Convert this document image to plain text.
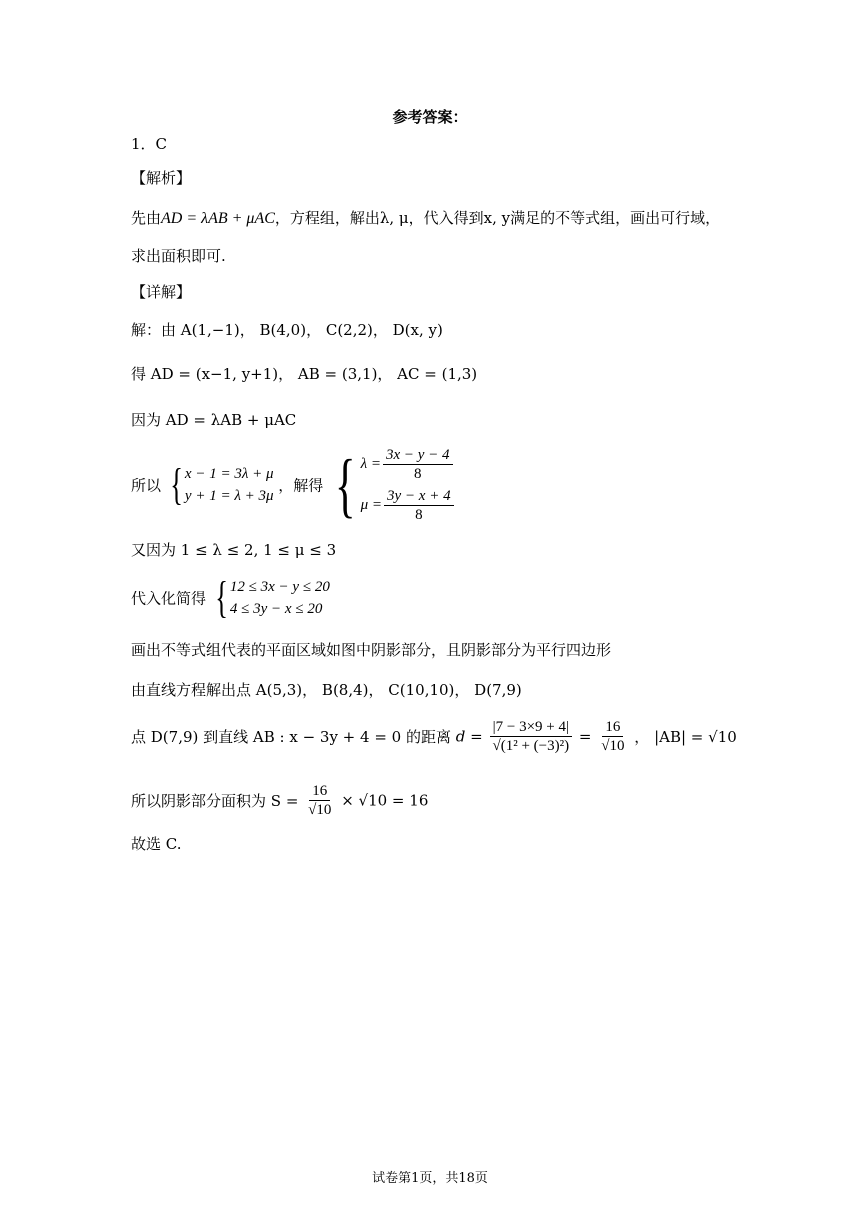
参考答案：
1．C
【解析】
先由AD = λAB + μAC，方程组，解出λ, μ，代入得到x, y满足的不等式组，画出可行域，
求出面积即可.
【详解】
解：由 A(1,−1)， B(4,0)， C(2,2)， D(x, y)
得 AD = (x−1, y+1)， AB = (3,1)， AC = (1,3)
因为 AD = λAB + μAC
所以 { x − 1 = 3λ + μ
y + 1 = λ + 3μ
，解得 { $\lambda = \frac{3x - y - 4}{8}$
$\mu = \frac{3y - x + 4}{8}$
又因为 1 ≤ λ ≤ 2, 1 ≤ μ ≤ 3
代入化简得 { 12 ≤ 3x − y ≤ 20
4 ≤ 3y − x ≤ 20
画出不等式组代表的平面区域如图中阴影部分，且阴影部分为平行四边形
由直线方程解出点 A(5,3)， B(8,4)， C(10,10)， D(7,9)
点 D(7,9) 到直线 AB : x − 3y + 4 = 0 的距离 $d = \frac{|7 - 3\times 9 + 4|}{\text{√(1² + (−3)²)}} = \frac{16}{√10}$ ， |AB| = √10
所以阴影部分面积为 $S = \frac{16}{√10} \times √10 = 16$
故选 C.
试卷第1页，共18页
